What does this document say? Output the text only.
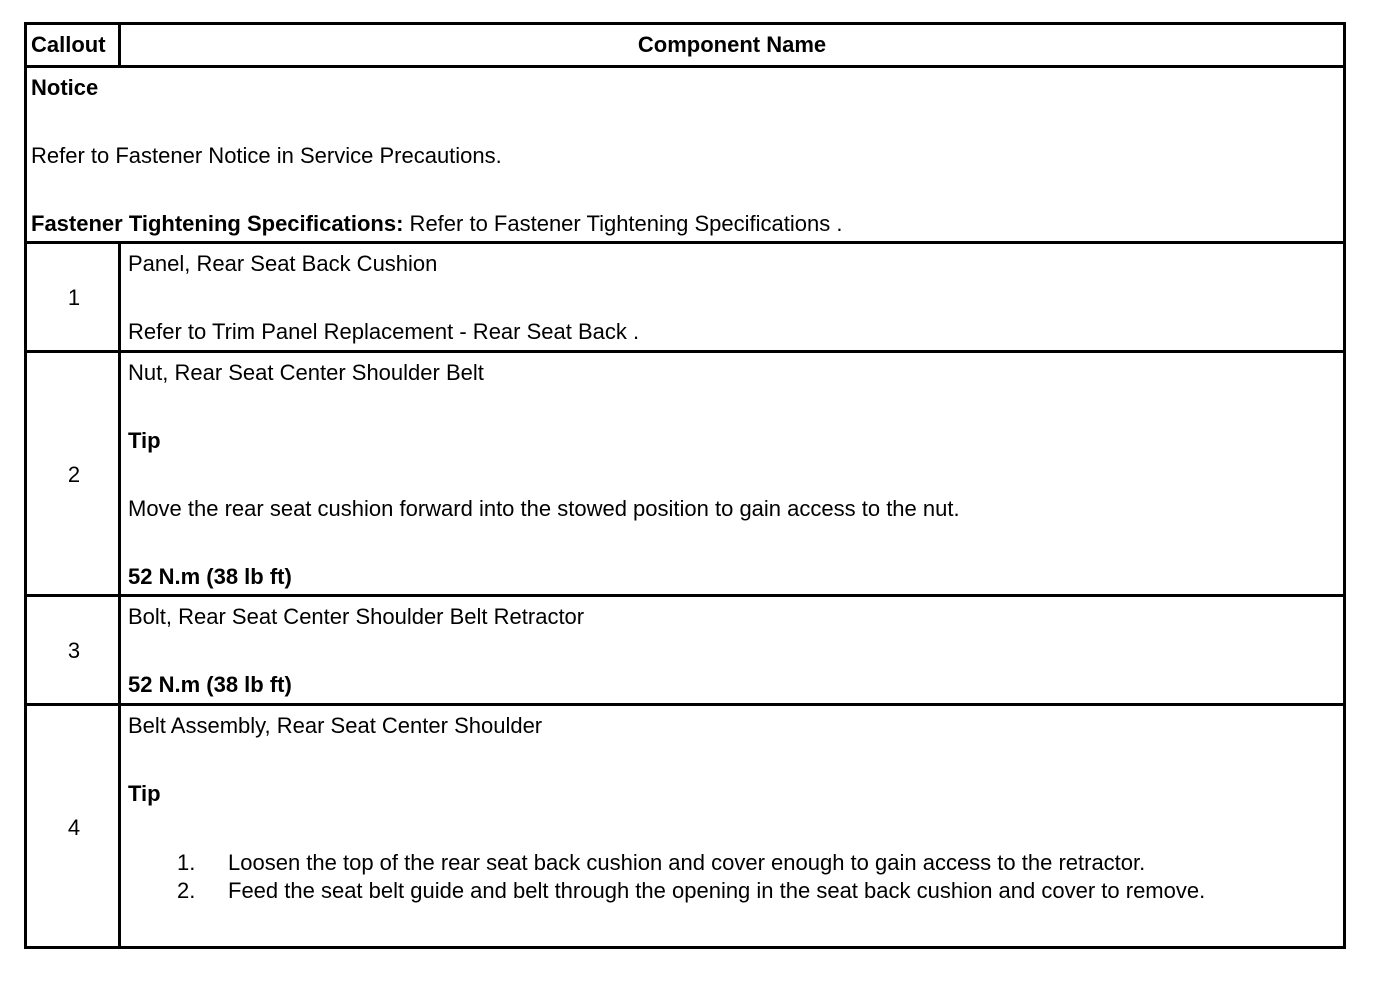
Callout	Component Name
Notice
Refer to Fastener Notice in Service Precautions.
Fastener Tightening Specifications: Refer to Fastener Tightening Specifications .
1
Panel, Rear Seat Back Cushion
Refer to Trim Panel Replacement - Rear Seat Back .
2
Nut, Rear Seat Center Shoulder Belt
Tip
Move the rear seat cushion forward into the stowed position to gain access to the nut.
52 N.m (38 lb ft)
3
Bolt, Rear Seat Center Shoulder Belt Retractor
52 N.m (38 lb ft)
4
Belt Assembly, Rear Seat Center Shoulder
Tip
1. Loosen the top of the rear seat back cushion and cover enough to gain access to the retractor.
2. Feed the seat belt guide and belt through the opening in the seat back cushion and cover to remove.
